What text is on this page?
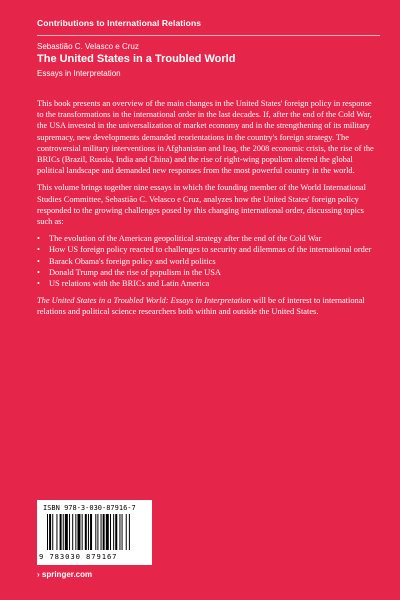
Contributions to International Relations
Sebastião C. Velasco e Cruz
The United States in a Troubled World
Essays in Interpretation

This book presents an overview of the main changes in the United States' foreign policy in response to the transformations in the international order in the last decades. If, after the end of the Cold War, the USA invested in the universalization of market economy and in the strengthening of its military supremacy, new developments demanded reorientations in the country's foreign strategy. The controversial military interventions in Afghanistan and Iraq, the 2008 economic crisis, the rise of the BRICs (Brazil, Russia, India and China) and the rise of right-wing populism altered the global political landscape and demanded new responses from the most powerful country in the world.

This volume brings together nine essays in which the founding member of the World International Studies Committee, Sebastião C. Velasco e Cruz, analyzes how the United States' foreign policy responded to the growing challenges posed by this changing international order, discussing topics such as:

• The evolution of the American geopolitical strategy after the end of the Cold War
• How US foreign policy reacted to challenges to security and dilemmas of the international order
• Barack Obama's foreign policy and world politics
• Donald Trump and the rise of populism in the USA
• US relations with the BRICs and Latin America

The United States in a Troubled World: Essays in Interpretation will be of interest to international relations and political science researchers both within and outside the United States.

ISBN 978-3-030-87916-7
9 783030 879167
› springer.com
